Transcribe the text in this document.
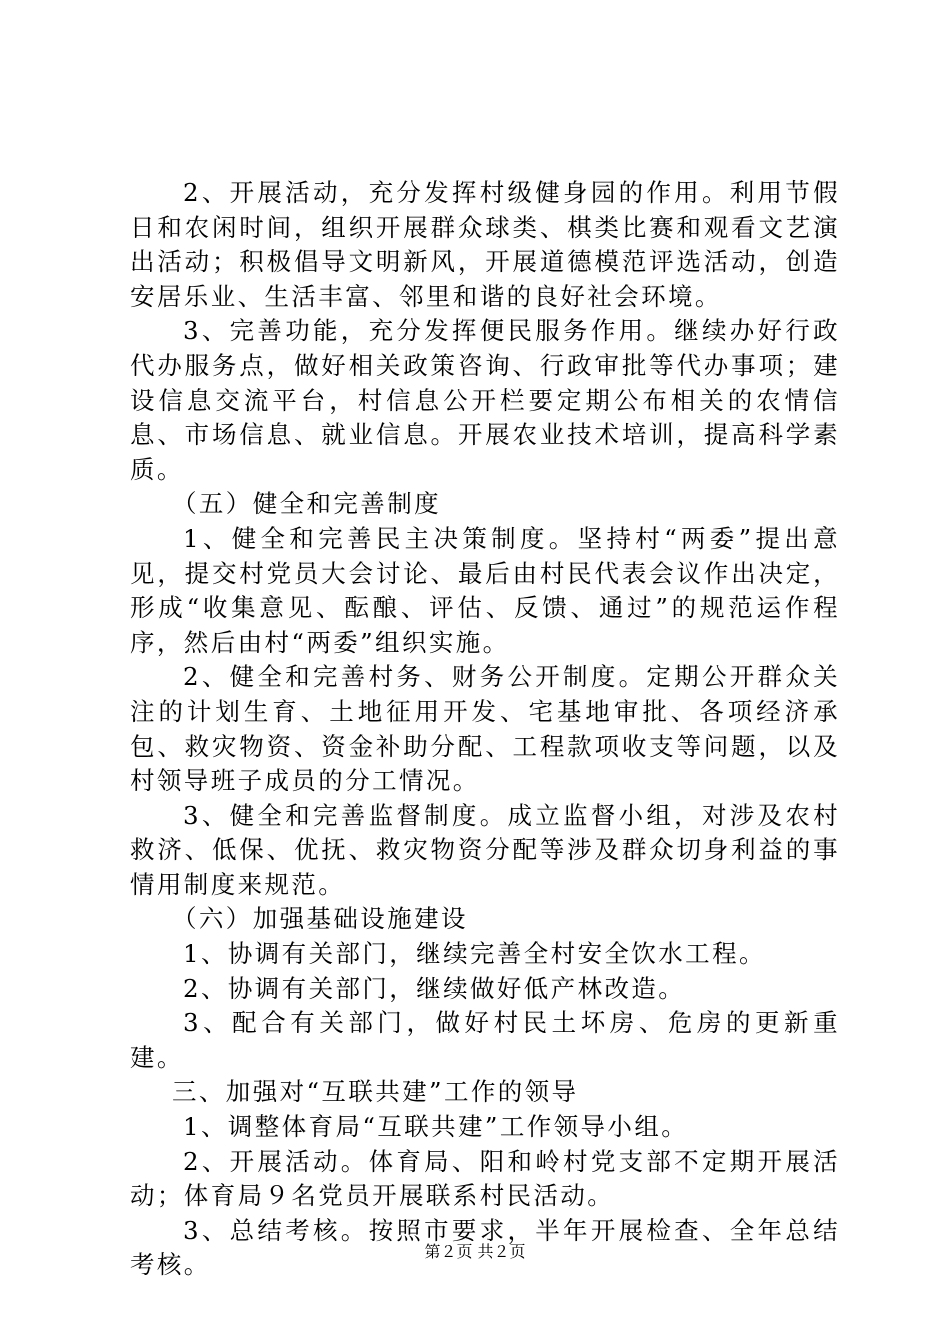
2、开展活动，充分发挥村级健身园的作用。利用节假日和农闲时间，组织开展群众球类、棋类比赛和观看文艺演出活动；积极倡导文明新风，开展道德模范评选活动，创造安居乐业、生活丰富、邻里和谐的良好社会环境。

3、完善功能，充分发挥便民服务作用。继续办好行政代办服务点，做好相关政策咨询、行政审批等代办事项；建设信息交流平台，村信息公开栏要定期公布相关的农情信息、市场信息、就业信息。开展农业技术培训，提高科学素质。

（五）健全和完善制度

1、健全和完善民主决策制度。坚持村“两委”提出意见，提交村党员大会讨论、最后由村民代表会议作出决定，形成“收集意见、酝酿、评估、反馈、通过”的规范运作程序，然后由村“两委”组织实施。

2、健全和完善村务、财务公开制度。定期公开群众关注的计划生育、土地征用开发、宅基地审批、各项经济承包、救灾物资、资金补助分配、工程款项收支等问题，以及村领导班子成员的分工情况。

3、健全和完善监督制度。成立监督小组，对涉及农村救济、低保、优抚、救灾物资分配等涉及群众切身利益的事情用制度来规范。

（六）加强基础设施建设

1、协调有关部门，继续完善全村安全饮水工程。

2、协调有关部门，继续做好低产林改造。

3、配合有关部门，做好村民土坏房、危房的更新重建。

三、加强对“互联共建”工作的领导

1、调整体育局“互联共建”工作领导小组。

2、开展活动。体育局、阳和岭村党支部不定期开展活动；体育局９名党员开展联系村民活动。

3、总结考核。按照市要求，半年开展检查、全年总结考核。	第２页 共２页
